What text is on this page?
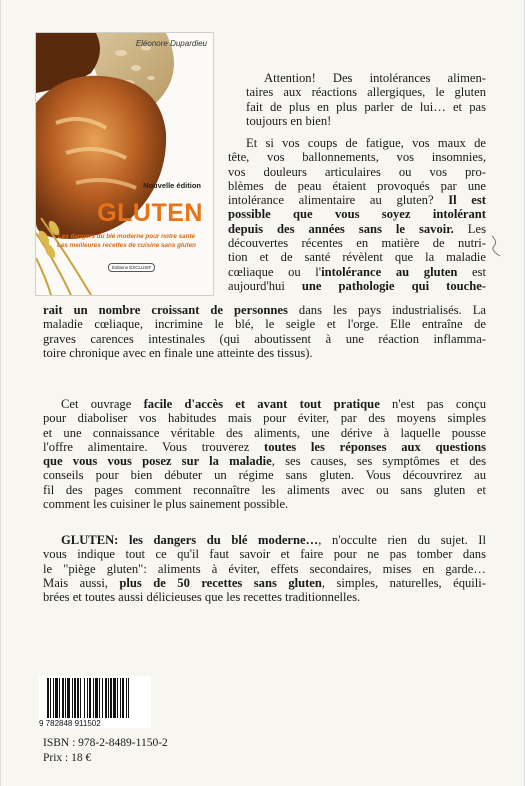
Eléonore Dupardieu
Nouvelle édition
GLUTEN
Les dangers du blé moderne pour notre santé
Les meilleures recettes de cuisine sans gluten
Éditions EXCLUSIF
Attention! Des intolérances alimen-
taires aux réactions allergiques, le gluten
fait de plus en plus parler de lui… et pas
toujours en bien!
Et si vos coups de fatigue, vos maux de
tête, vos ballonnements, vos insomnies,
vos douleurs articulaires ou vos pro-
blèmes de peau étaient provoqués par une
intolérance alimentaire au gluten? Il est
possible que vous soyez intolérant
depuis des années sans le savoir. Les
découvertes récentes en matière de nutri-
tion et de santé révèlent que la maladie
cœliaque ou l'intolérance au gluten est
aujourd'hui une pathologie qui touche-
rait un nombre croissant de personnes dans les pays industrialisés. La
maladie cœliaque, incrimine le blé, le seigle et l'orge. Elle entraîne de
graves carences intestinales (qui aboutissent à une réaction inflamma-
toire chronique avec en finale une atteinte des tissus).
Cet ouvrage facile d'accès et avant tout pratique n'est pas conçu
pour diaboliser vos habitudes mais pour éviter, par des moyens simples
et une connaissance véritable des aliments, une dérive à laquelle pousse
l'offre alimentaire. Vous trouverez toutes les réponses aux questions
que vous vous posez sur la maladie, ses causes, ses symptômes et des
conseils pour bien débuter un régime sans gluten. Vous découvrirez au
fil des pages comment reconnaître les aliments avec ou sans gluten et
comment les cuisiner le plus sainement possible.
GLUTEN: les dangers du blé moderne…, n'occulte rien du sujet. Il
vous indique tout ce qu'il faut savoir et faire pour ne pas tomber dans
le "piège gluten": aliments à éviter, effets secondaires, mises en garde…
Mais aussi, plus de 50 recettes sans gluten, simples, naturelles, équili-
brées et toutes aussi délicieuses que les recettes traditionnelles.
9 782848 911502
ISBN : 978-2-8489-1150-2
Prix : 18 €
